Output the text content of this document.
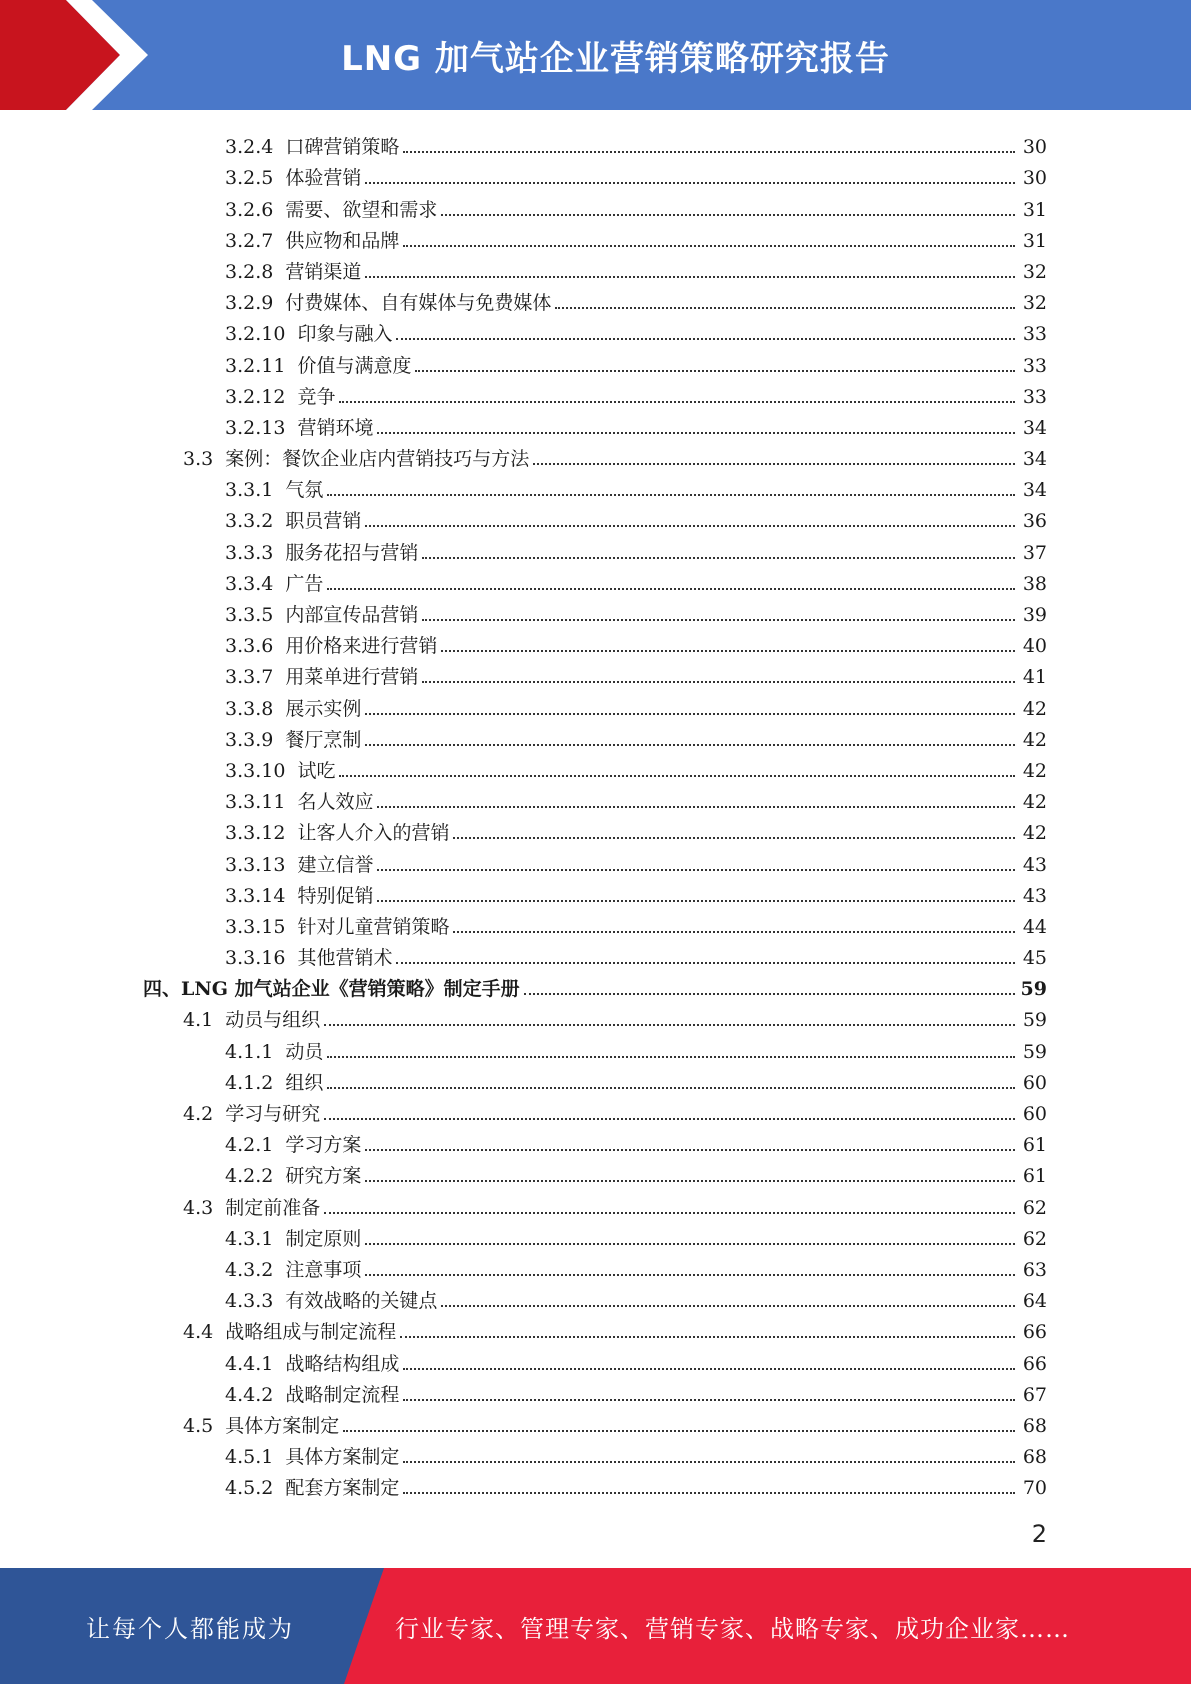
LNG 加气站企业营销策略研究报告
3.2.4 口碑营销策略	30
3.2.5 体验营销	30
3.2.6 需要、欲望和需求	31
3.2.7 供应物和品牌	31
3.2.8 营销渠道	32
3.2.9 付费媒体、自有媒体与免费媒体	32
3.2.10 印象与融入	33
3.2.11 价值与满意度	33
3.2.12 竞争	33
3.2.13 营销环境	34
3.3 案例：餐饮企业店内营销技巧与方法	34
3.3.1 气氛	34
3.3.2 职员营销	36
3.3.3 服务花招与营销	37
3.3.4 广告	38
3.3.5 内部宣传品营销	39
3.3.6 用价格来进行营销	40
3.3.7 用菜单进行营销	41
3.3.8 展示实例	42
3.3.9 餐厅烹制	42
3.3.10 试吃	42
3.3.11 名人效应	42
3.3.12 让客人介入的营销	42
3.3.13 建立信誉	43
3.3.14 特别促销	43
3.3.15 针对儿童营销策略	44
3.3.16 其他营销术	45
四、LNG 加气站企业《营销策略》制定手册	59
4.1 动员与组织	59
4.1.1 动员	59
4.1.2 组织	60
4.2 学习与研究	60
4.2.1 学习方案	61
4.2.2 研究方案	61
4.3 制定前准备	62
4.3.1 制定原则	62
4.3.2 注意事项	63
4.3.3 有效战略的关键点	64
4.4 战略组成与制定流程	66
4.4.1 战略结构组成	66
4.4.2 战略制定流程	67
4.5 具体方案制定	68
4.5.1 具体方案制定	68
4.5.2 配套方案制定	70
2
让每个人都能成为	行业专家、管理专家、营销专家、战略专家、成功企业家……
